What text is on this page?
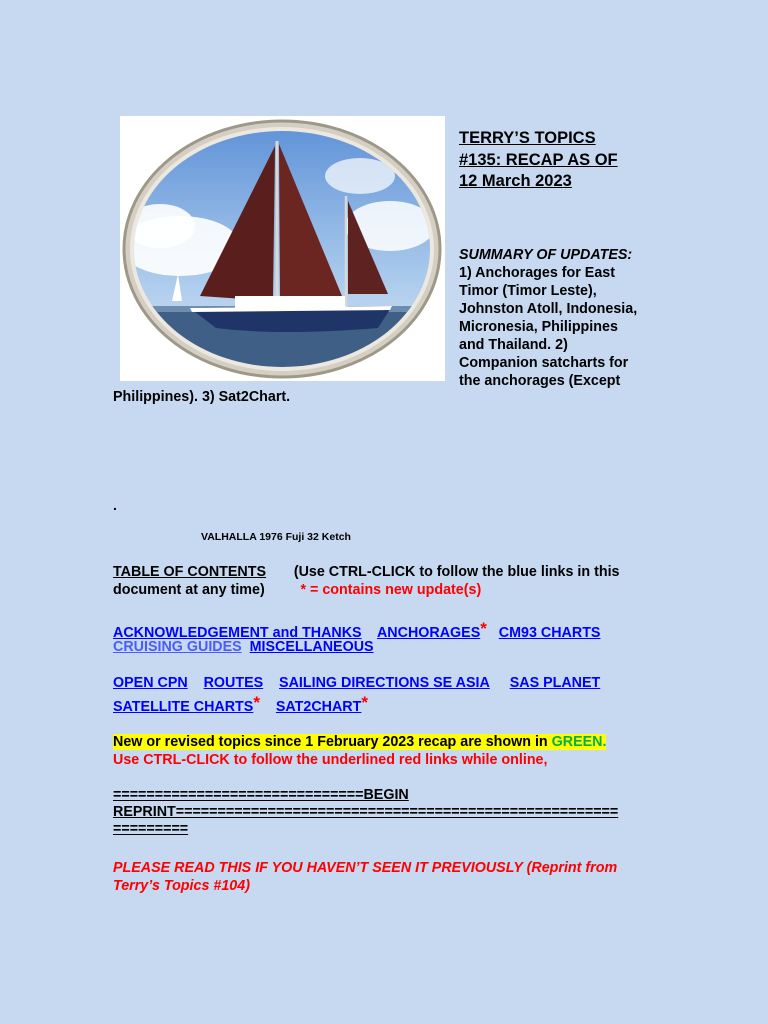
TERRY’S TOPICS
#135: RECAP AS OF
12 March 2023
SUMMARY OF UPDATES:
1) Anchorages for East
Timor (Timor Leste),
Johnston Atoll, Indonesia,
Micronesia, Philippines
and Thailand. 2)
Companion satcharts for
the anchorages (Except
Philippines). 3) Sat2Chart.
.
VALHALLA 1976 Fuji 32 Ketch
TABLE OF CONTENTS (Use CTRL-CLICK to follow the blue links in this
document at any time)	* = contains new update(s)
ACKNOWLEDGEMENT and THANKS ANCHORAGES* CM93 CHARTS
CRUISING GUIDES MISCELLANEOUS
OPEN CPN ROUTES SAILING DIRECTIONS SE ASIA SAS PLANET
SATELLITE CHARTS* SAT2CHART*
New or revised topics since 1 February 2023 recap are shown in GREEN.
Use CTRL-CLICK to follow the underlined red links while online,
==============================BEGIN
REPRINT=====================================================
=========
PLEASE READ THIS IF YOU HAVEN’T SEEN IT PREVIOUSLY (Reprint from
Terry’s Topics #104)
